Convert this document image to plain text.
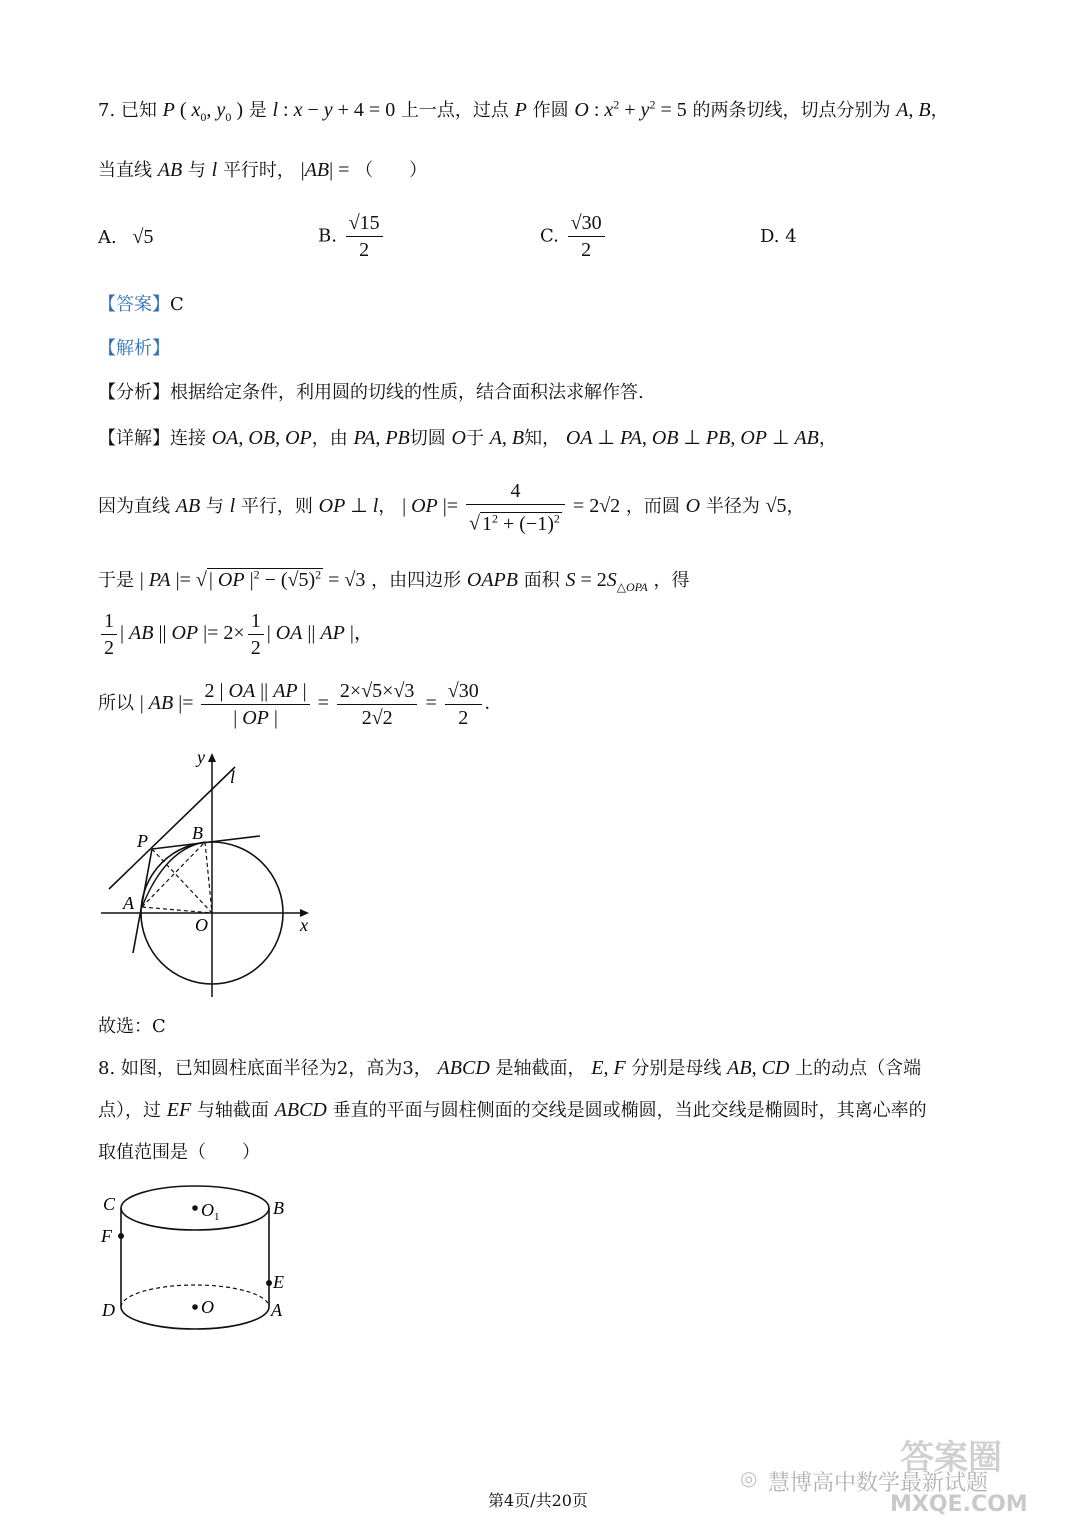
7. 已知 P ( $x_0$, $y_0$ ) 是 l : x − y + 4 = 0 上一点，过点 P 作圆 O : $x^2 + y^2 = 5$ 的两条切线，切点分别为 A, B，
当直线 AB 与 l 平行时， |AB| = （　　）
A. √5	B. $\frac{√15}{2}$	C. $\frac{√30}{2}$	D. 4
【答案】C
【解析】
【分析】根据给定条件，利用圆的切线的性质，结合面积法求解作答.
【详解】连接 OA, OB, OP，由 PA, PB切圆 O于 A, B知， OA ⊥ PA, OB ⊥ PB, OP ⊥ AB，
因为直线 AB 与 l 平行，则 OP ⊥ l， | OP |= $\frac{4}{√ 1^2 + (-1)^2} = 2√2$ ，而圆 O 半径为 √5，
于是 | PA |= √ | OP $|^2 - (√5)^2 = √3$ ，由四边形 OAPB 面积 $S = 2S_{\triangle OPA}$ ，得
$\frac{1}{2}$ | AB || OP |= $2\times \frac{1}{2}$ | OA || AP |，
所以 | AB |= $\frac{2 | OA || AP |}{| OP |} = \frac{2\times√5\times√3}{2√2} = \frac{√30}{2}$ .
y
l
P B
A
O	x
故选：C
8. 如图，已知圆柱底面半径为2，高为3， ABCD 是轴截面， E, F 分别是母线 AB, CD 上的动点（含端
点），过 EF 与轴截面 ABCD 垂直的平面与圆柱侧面的交线是圆或椭圆，当此交线是椭圆时，其离心率的
取值范围是（　　）
C	B
$O_1$
F
E
D	O	A
第4页/共20页
◎ 慧博高中数学最新试题
答案圈
MXQE.COM
